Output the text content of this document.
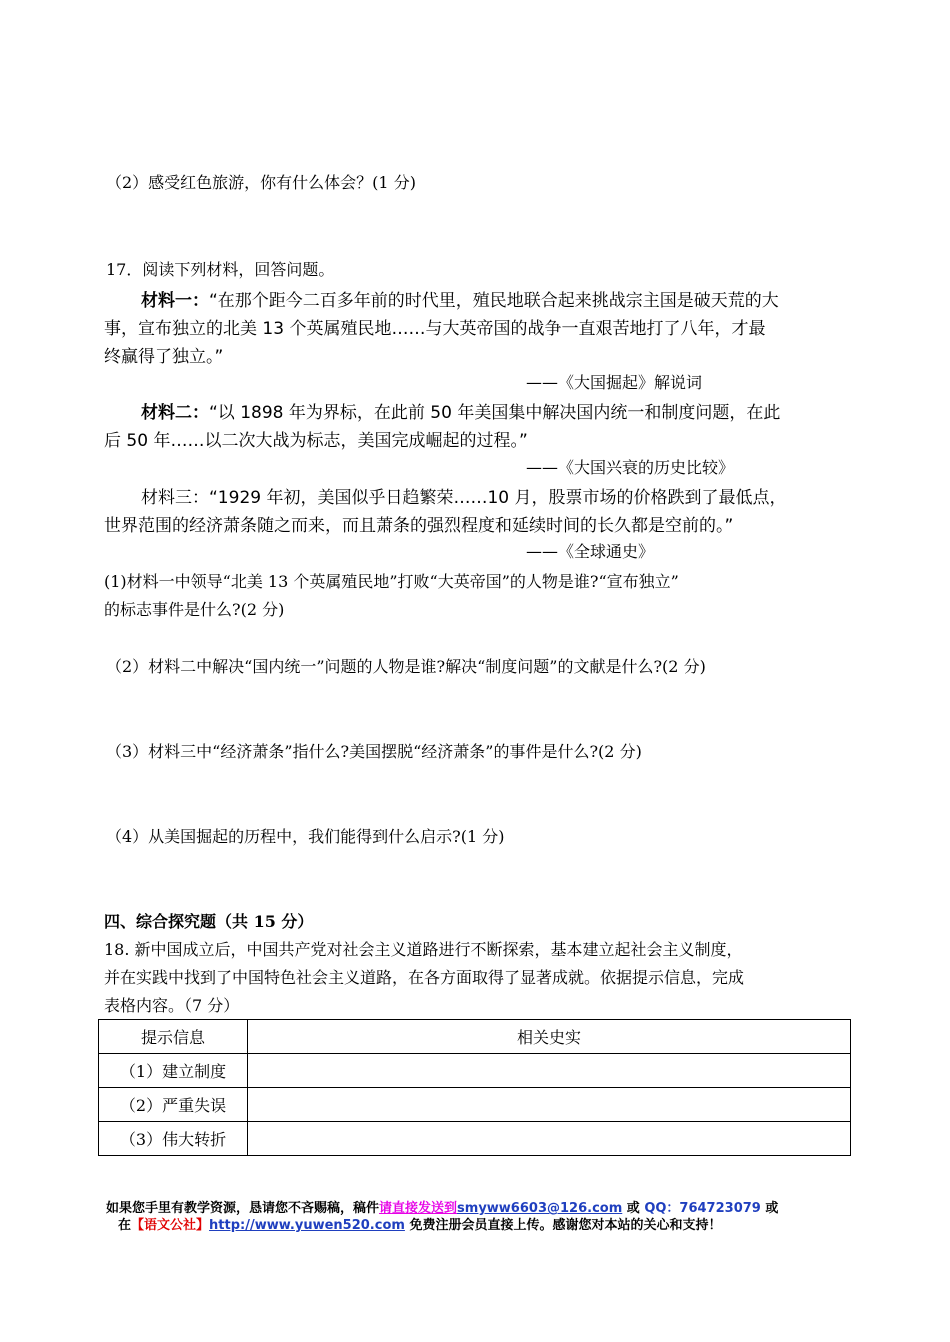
（2）感受红色旅游，你有什么体会？(1 分)
17．阅读下列材料，回答问题。
材料一：“在那个距今二百多年前的时代里，殖民地联合起来挑战宗主国是破天荒的大
事，宣布独立的北美 13 个英属殖民地……与大英帝国的战争一直艰苦地打了八年，才最
终赢得了独立。”
——《大国掘起》解说词
材料二：“以 1898 年为界标，在此前 50 年美国集中解决国内统一和制度问题，在此
后 50 年……以二次大战为标志，美国完成崛起的过程。”
——《大国兴衰的历史比较》
材料三：“1929 年初，美国似乎日趋繁荣……10 月，股票市场的价格跌到了最低点，
世界范围的经济萧条随之而来，而且萧条的强烈程度和延续时间的长久都是空前的。”
——《全球通史》
(1)材料一中领导“北美 13 个英属殖民地”打败“大英帝国”的人物是谁?“宣布独立”
的标志事件是什么?(2 分)
（2）材料二中解决“国内统一”问题的人物是谁?解决“制度问题”的文献是什么?(2 分)
（3）材料三中“经济萧条”指什么?美国摆脱“经济萧条”的事件是什么?(2 分)
（4）从美国掘起的历程中，我们能得到什么启示?(1 分)
四、综合探究题（共 15 分）
18. 新中国成立后，中国共产党对社会主义道路进行不断探索，基本建立起社会主义制度，
并在实践中找到了中国特色社会主义道路，在各方面取得了显著成就。依据提示信息，完成
表格内容。（7 分）
提示信息	相关史实
（1）建立制度	
（2）严重失误	
（3）伟大转折	
如果您手里有教学资源，恳请您不吝赐稿，稿件请直接发送到smyww6603@126.com 或 QQ：764723079 或
在【语文公社】http://www.yuwen520.com 免费注册会员直接上传。感谢您对本站的关心和支持！
